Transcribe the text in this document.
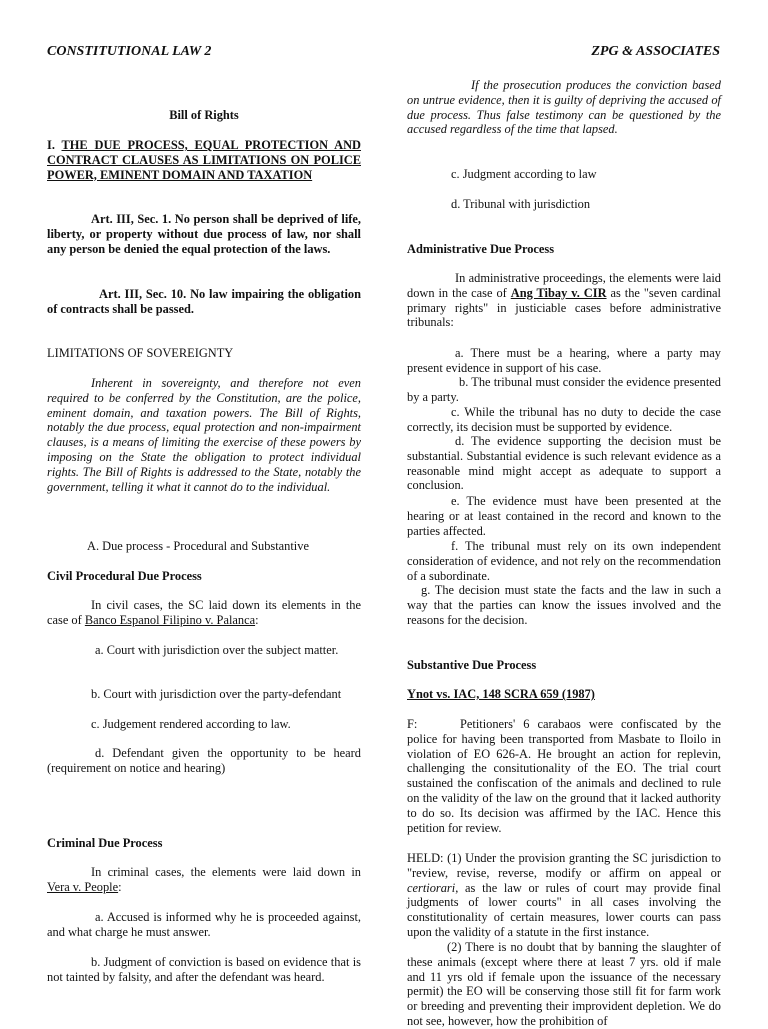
CONSTITUTIONAL LAW 2	ZPG & ASSOCIATES

Bill of Rights

I. THE DUE PROCESS, EQUAL PROTECTION AND CONTRACT CLAUSES AS LIMITATIONS ON POLICE POWER, EMINENT DOMAIN AND TAXATION

Art. III, Sec. 1. No person shall be deprived of life, liberty, or property without due process of law, nor shall any person be denied the equal protection of the laws.

Art. III, Sec. 10. No law impairing the obligation of contracts shall be passed.

LIMITATIONS OF SOVEREIGNTY

Inherent in sovereignty, and therefore not even required to be conferred by the Constitution, are the police, eminent domain, and taxation powers. The Bill of Rights, notably the due process, equal protection and non-impairment clauses, is a means of limiting the exercise of these powers by imposing on the State the obligation to protect individual rights. The Bill of Rights is addressed to the State, notably the government, telling it what it cannot do to the individual.

A. Due process - Procedural and Substantive

Civil Procedural Due Process

In civil cases, the SC laid down its elements in the case of Banco Espanol Filipino v. Palanca:

a. Court with jurisdiction over the subject matter.

b. Court with jurisdiction over the party-defendant

c. Judgement rendered according to law.

d. Defendant given the opportunity to be heard (requirement on notice and hearing)

Criminal Due Process

In criminal cases, the elements were laid down in Vera v. People:

a. Accused is informed why he is proceeded against, and what charge he must answer.

b. Judgment of conviction is based on evidence that is not tainted by falsity, and after the defendant was heard.

If the prosecution produces the conviction based on untrue evidence, then it is guilty of depriving the accused of due process. Thus false testimony can be questioned by the accused regardless of the time that lapsed.

c. Judgment according to law

d. Tribunal with jurisdiction

Administrative Due Process

In administrative proceedings, the elements were laid down in the case of Ang Tibay v. CIR as the "seven cardinal primary rights" in justiciable cases before administrative tribunals:

a. There must be a hearing, where a party may present evidence in support of his case.

b. The tribunal must consider the evidence presented by a party.

c. While the tribunal has no duty to decide the case correctly, its decision must be supported by evidence.

d. The evidence supporting the decision must be substantial. Substantial evidence is such relevant evidence as a reasonable mind might accept as adequate to support a conclusion.

e. The evidence must have been presented at the hearing or at least contained in the record and known to the parties affected.

f. The tribunal must rely on its own independent consideration of evidence, and not rely on the recommendation of a subordinate.

g. The decision must state the facts and the law in such a way that the parties can know the issues involved and the reasons for the decision.

Substantive Due Process

Ynot vs. IAC, 148 SCRA 659 (1987)

F:	Petitioners' 6 carabaos were confiscated by the police for having been transported from Masbate to Iloilo in violation of EO 626-A. He brought an action for replevin, challenging the consitutionality of the EO. The trial court sustained the confiscation of the animals and declined to rule on the validity of the law on the ground that it lacked authority to do so. Its decision was affirmed by the IAC. Hence this petition for review.

HELD: (1) Under the provision granting the SC jurisdiction to "review, revise, reverse, modify or affirm on appeal or certiorari, as the law or rules of court may provide final judgments of lower courts" in all cases involving the constitutionality of certain measures, lower courts can pass upon the validity of a statute in the first instance.

(2) There is no doubt that by banning the slaughter of these animals (except where there at least 7 yrs. old if male and 11 yrs old if female upon the issuance of the necessary permit) the EO will be conserving those still fit for farm work or breeding and preventing their improvident depletion. We do not see, however, how the prohibition of
